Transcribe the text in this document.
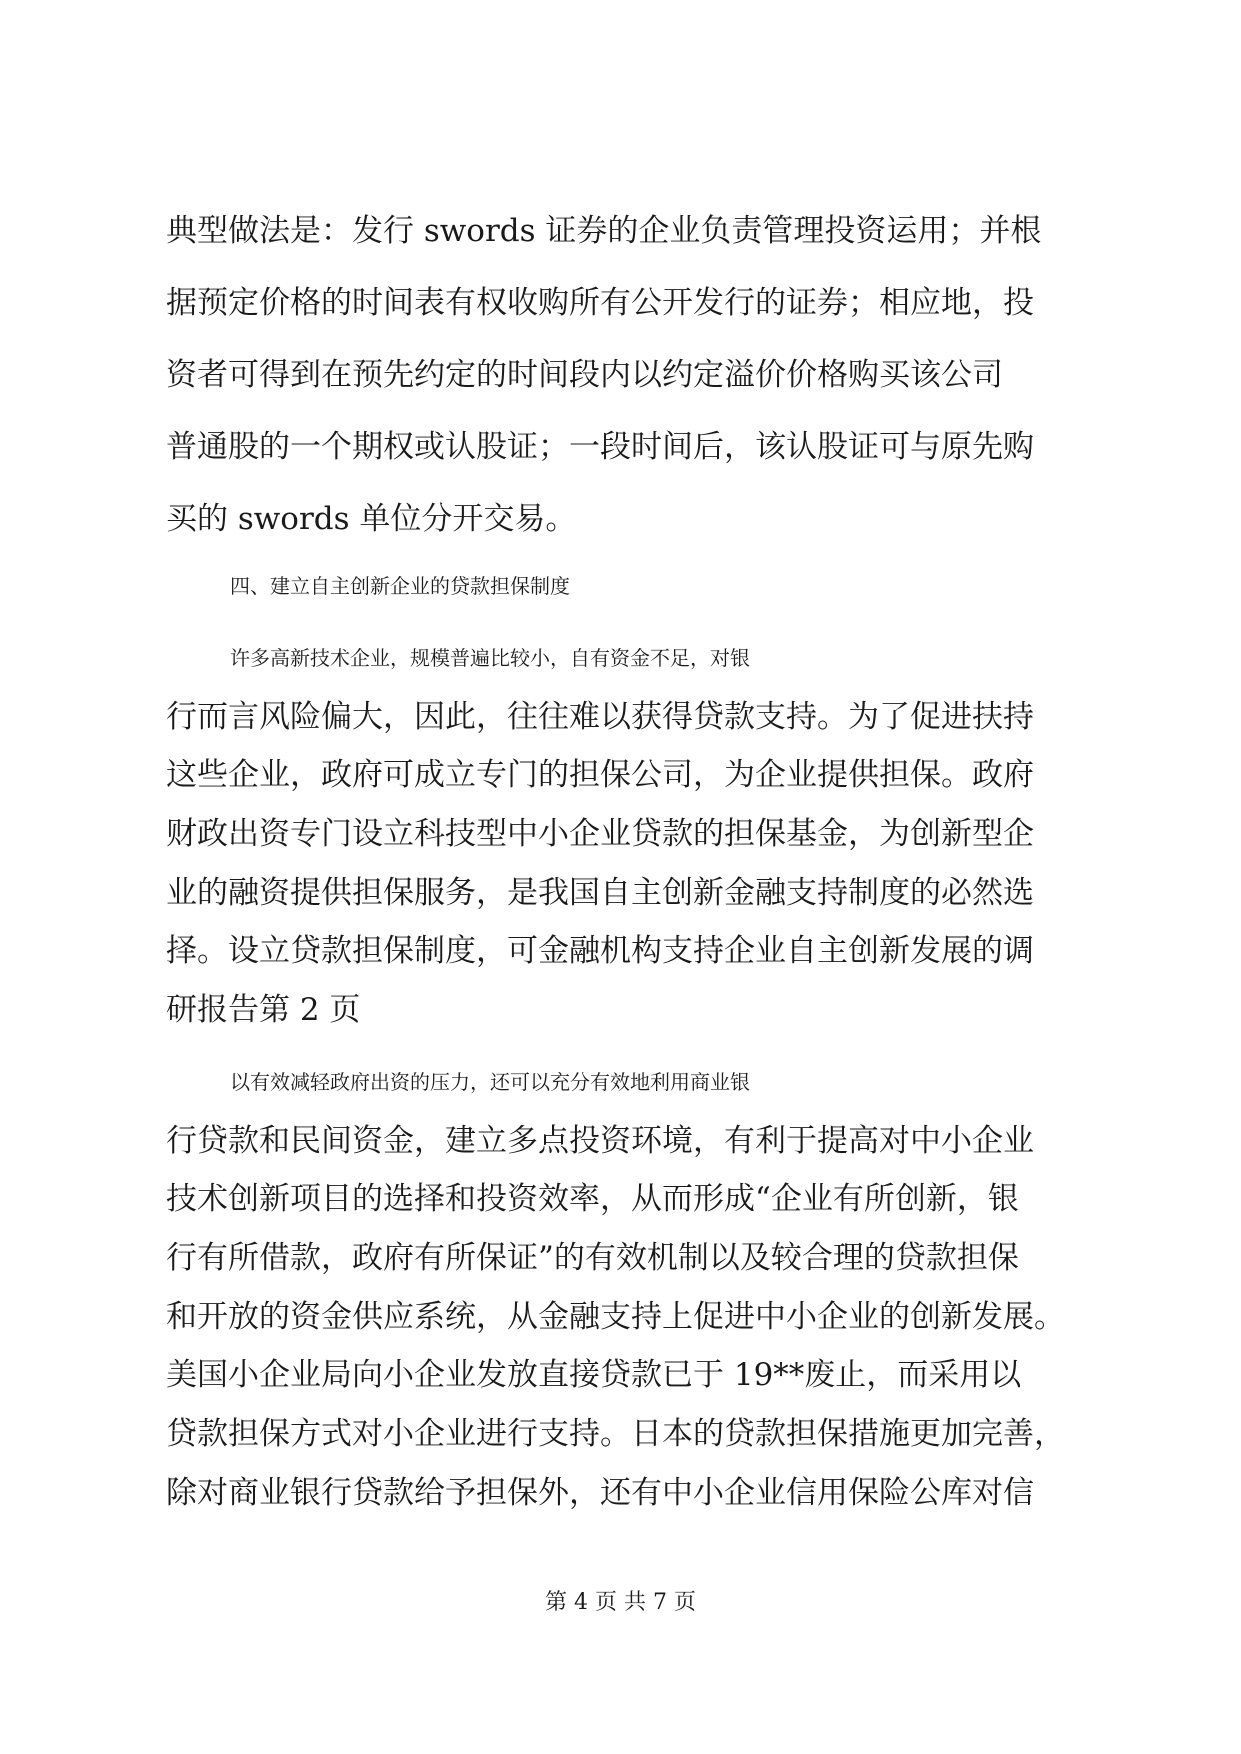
典型做法是：发行 swords 证券的企业负责管理投资运用；并根
据预定价格的时间表有权收购所有公开发行的证券；相应地，投
资者可得到在预先约定的时间段内以约定溢价价格购买该公司
普通股的一个期权或认股证；一段时间后，该认股证可与原先购
买的 swords 单位分开交易。
四、建立自主创新企业的贷款担保制度
许多高新技术企业，规模普遍比较小，自有资金不足，对银
行而言风险偏大，因此，往往难以获得贷款支持。为了促进扶持
这些企业，政府可成立专门的担保公司，为企业提供担保。政府
财政出资专门设立科技型中小企业贷款的担保基金，为创新型企
业的融资提供担保服务，是我国自主创新金融支持制度的必然选
择。设立贷款担保制度，可金融机构支持企业自主创新发展的调
研报告第 2 页
以有效减轻政府出资的压力，还可以充分有效地利用商业银
行贷款和民间资金，建立多点投资环境，有利于提高对中小企业
技术创新项目的选择和投资效率，从而形成“企业有所创新，银
行有所借款，政府有所保证”的有效机制以及较合理的贷款担保
和开放的资金供应系统，从金融支持上促进中小企业的创新发展。
美国小企业局向小企业发放直接贷款已于 19**废止，而采用以
贷款担保方式对小企业进行支持。日本的贷款担保措施更加完善，
除对商业银行贷款给予担保外，还有中小企业信用保险公库对信
第 4 页 共 7 页
